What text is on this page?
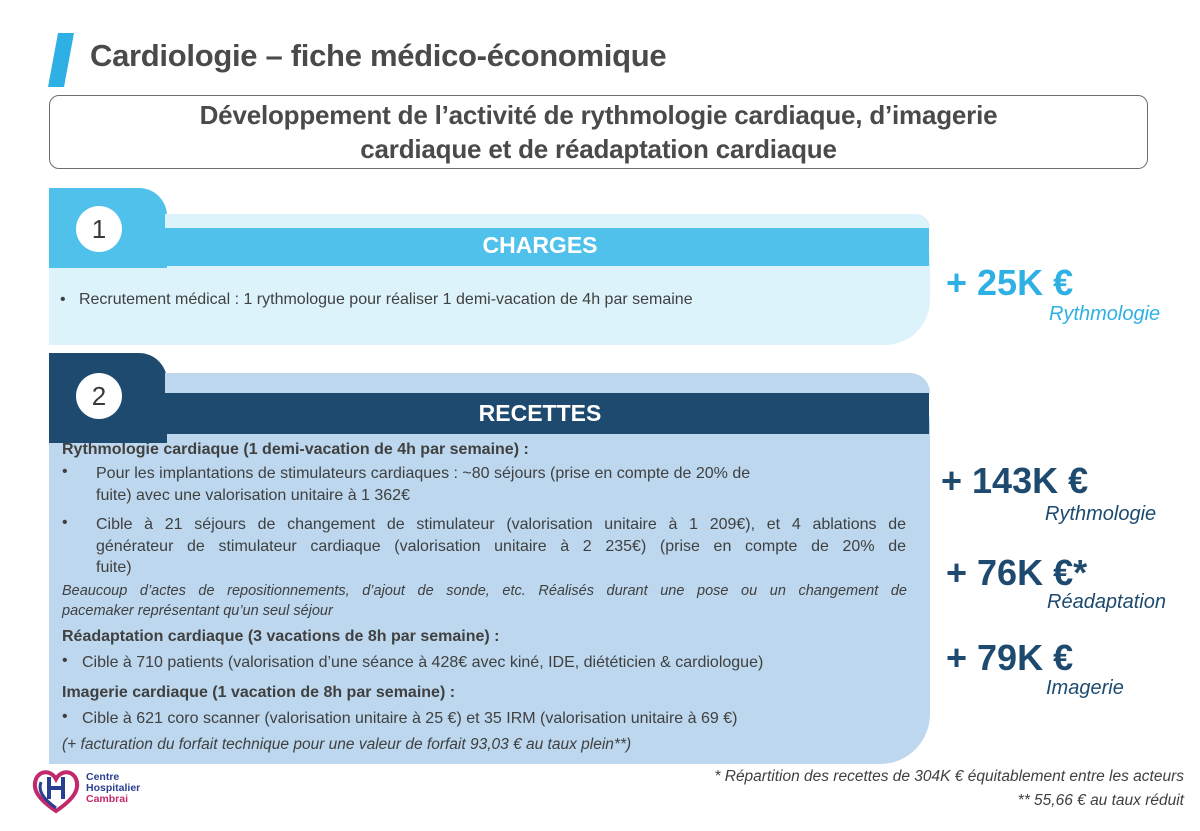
Cardiologie – fiche médico-économique
Développement de l’activité de rythmologie cardiaque, d’imagerie
cardiaque et de réadaptation cardiaque
1
CHARGES
• Recrutement médical : 1 rythmologue pour réaliser 1 demi-vacation de 4h par semaine
2
RECETTES
Rythmologie cardiaque (1 demi-vacation de 4h par semaine) :
• Pour les implantations de stimulateurs cardiaques : ~80 séjours (prise en compte de 20% de
fuite) avec une valorisation unitaire à 1 362€
• Cible à 21 séjours de changement de stimulateur (valorisation unitaire à 1 209€), et 4 ablations de
générateur de stimulateur cardiaque (valorisation unitaire à 2 235€) (prise en compte de 20% de
fuite)
Beaucoup d’actes de repositionnements, d’ajout de sonde, etc. Réalisés durant une pose ou un changement de
pacemaker représentant qu’un seul séjour
Réadaptation cardiaque (3 vacations de 8h par semaine) :
• Cible à 710 patients (valorisation d’une séance à 428€ avec kiné, IDE, diététicien & cardiologue)
Imagerie cardiaque (1 vacation de 8h par semaine) :
• Cible à 621 coro scanner (valorisation unitaire à 25 €) et 35 IRM (valorisation unitaire à 69 €)
(+ facturation du forfait technique pour une valeur de forfait 93,03 € au taux plein**)
+ 25K €
Rythmologie
+ 143K €
Rythmologie
+ 76K €*
Réadaptation
+ 79K €
Imagerie
Centre
Hospitalier
Cambrai
* Répartition des recettes de 304K € équitablement entre les acteurs
** 55,66 € au taux réduit
